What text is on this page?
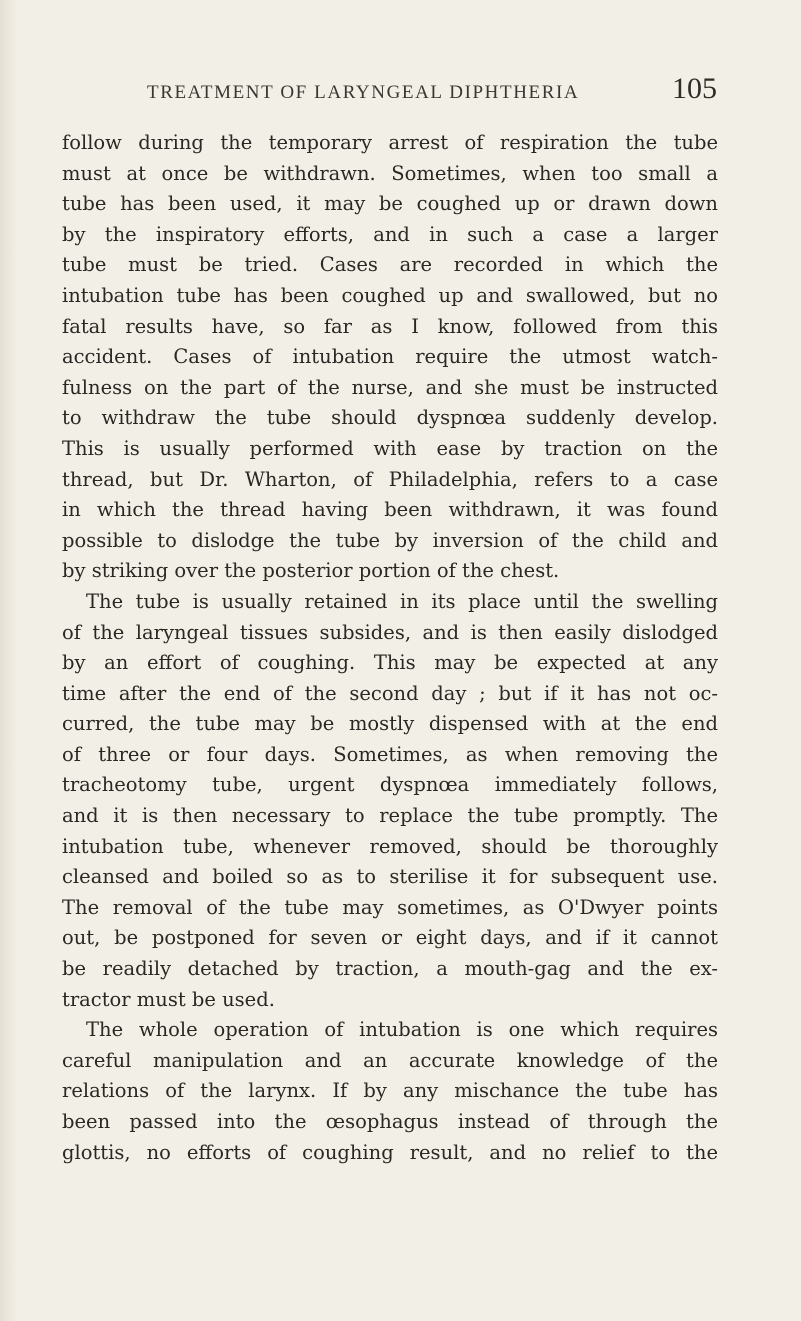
TREATMENT OF LARYNGEAL DIPHTHERIA	105
follow during the temporary arrest of respiration the tube
must at once be withdrawn. Sometimes, when too small a
tube has been used, it may be coughed up or drawn down
by the inspiratory efforts, and in such a case a larger
tube must be tried. Cases are recorded in which the
intubation tube has been coughed up and swallowed, but no
fatal results have, so far as I know, followed from this
accident. Cases of intubation require the utmost watch-
fulness on the part of the nurse, and she must be instructed
to withdraw the tube should dyspnœa suddenly develop.
This is usually performed with ease by traction on the
thread, but Dr. Wharton, of Philadelphia, refers to a case
in which the thread having been withdrawn, it was found
possible to dislodge the tube by inversion of the child and
by striking over the posterior portion of the chest.
The tube is usually retained in its place until the swelling
of the laryngeal tissues subsides, and is then easily dislodged
by an effort of coughing. This may be expected at any
time after the end of the second day ; but if it has not oc-
curred, the tube may be mostly dispensed with at the end
of three or four days. Sometimes, as when removing the
tracheotomy tube, urgent dyspnœa immediately follows,
and it is then necessary to replace the tube promptly. The
intubation tube, whenever removed, should be thoroughly
cleansed and boiled so as to sterilise it for subsequent use.
The removal of the tube may sometimes, as O'Dwyer points
out, be postponed for seven or eight days, and if it cannot
be readily detached by traction, a mouth-gag and the ex-
tractor must be used.
The whole operation of intubation is one which requires
careful manipulation and an accurate knowledge of the
relations of the larynx. If by any mischance the tube has
been passed into the œsophagus instead of through the
glottis, no efforts of coughing result, and no relief to the
